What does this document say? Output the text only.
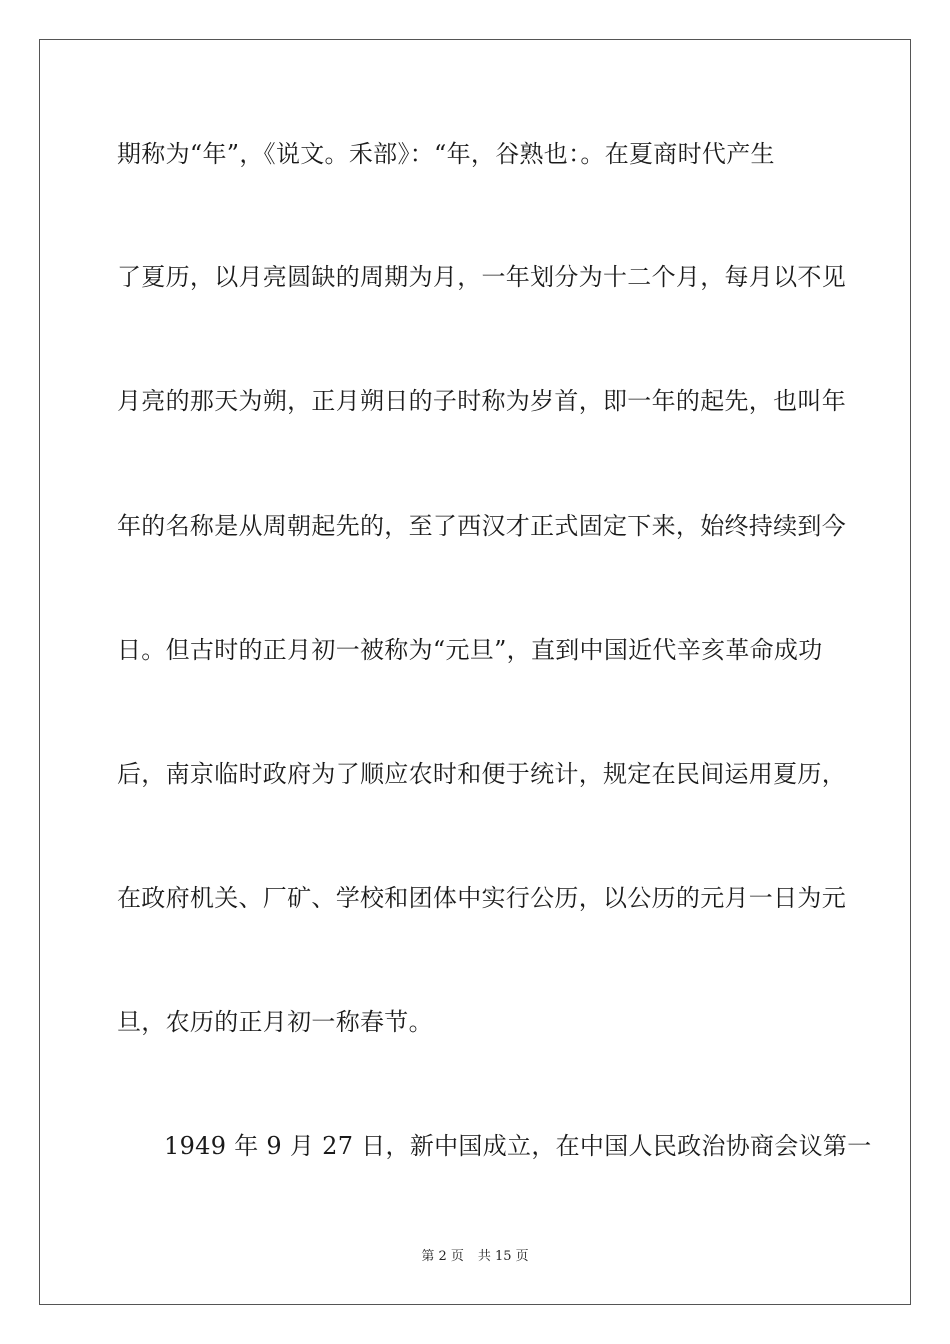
期称为“年”，《说文。禾部》：“年，谷熟也：。在夏商时代产生
了夏历，以月亮圆缺的周期为月，一年划分为十二个月，每月以不见
月亮的那天为朔，正月朔日的子时称为岁首，即一年的起先，也叫年
年的名称是从周朝起先的，至了西汉才正式固定下来，始终持续到今
日。但古时的正月初一被称为“元旦”，直到中国近代辛亥革命成功
后，南京临时政府为了顺应农时和便于统计，规定在民间运用夏历，
在政府机关、厂矿、学校和团体中实行公历，以公历的元月一日为元
旦，农历的正月初一称春节。
1949 年 9 月 27 日，新中国成立，在中国人民政治协商会议第一
第 2 页 共 15 页
